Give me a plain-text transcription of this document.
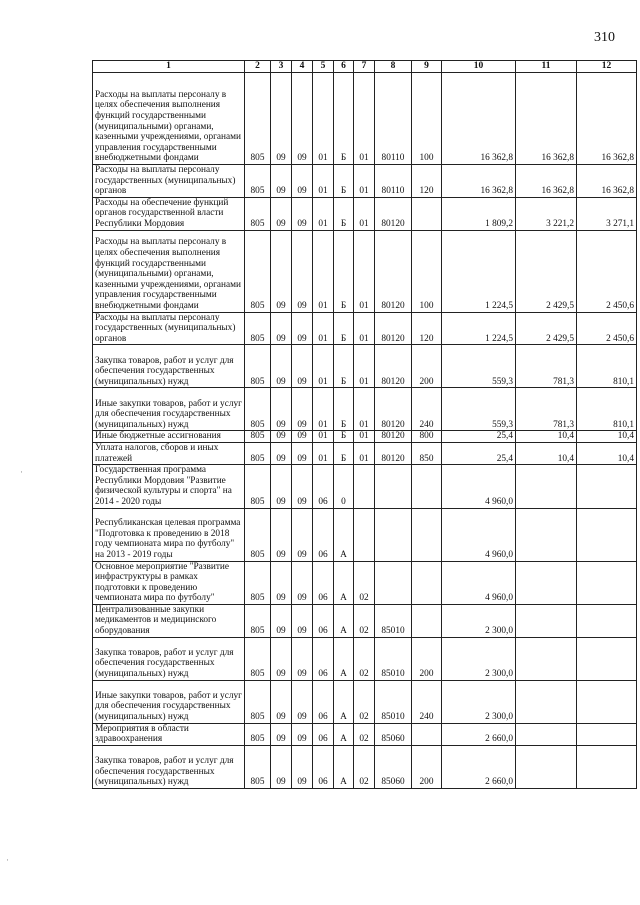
310
1	2	3	4	5	6	7	8	9	10	11	12
Расходы на выплаты персоналу в целях обеспечения выполнения функций государственными (муниципальными) органами, казенными учреждениями, органами управления государственными внебюджетными фондами	805	09	09	01	Б	01	80110	100	16 362,8	16 362,8	16 362,8
Расходы на выплаты персоналу государственных (муниципальных) органов	805	09	09	01	Б	01	80110	120	16 362,8	16 362,8	16 362,8
Расходы на обеспечение функций органов государственной власти Республики Мордовия	805	09	09	01	Б	01	80120		1 809,2	3 221,2	3 271,1
Расходы на выплаты персоналу в целях обеспечения выполнения функций государственными (муниципальными) органами, казенными учреждениями, органами управления государственными внебюджетными фондами	805	09	09	01	Б	01	80120	100	1 224,5	2 429,5	2 450,6
Расходы на выплаты персоналу государственных (муниципальных) органов	805	09	09	01	Б	01	80120	120	1 224,5	2 429,5	2 450,6
Закупка товаров, работ и услуг для обеспечения государственных (муниципальных) нужд	805	09	09	01	Б	01	80120	200	559,3	781,3	810,1
Иные закупки товаров, работ и услуг для обеспечения государственных (муниципальных) нужд	805	09	09	01	Б	01	80120	240	559,3	781,3	810,1
Иные бюджетные ассигнования	805	09	09	01	Б	01	80120	800	25,4	10,4	10,4
Уплата налогов, сборов и иных платежей	805	09	09	01	Б	01	80120	850	25,4	10,4	10,4
Государственная программа Республики Мордовия "Развитие физической культуры и спорта" на 2014 - 2020 годы	805	09	09	06	0				4 960,0		
Республиканская целевая программа "Подготовка к проведению в 2018 году чемпионата мира по футболу" на 2013 - 2019 годы	805	09	09	06	А				4 960,0		
Основное мероприятие "Развитие инфраструктуры в рамках подготовки к проведению чемпионата мира по футболу"	805	09	09	06	А	02			4 960,0		
Централизованные закупки медикаментов и медицинского оборудования	805	09	09	06	А	02	85010		2 300,0		
Закупка товаров, работ и услуг для обеспечения государственных (муниципальных) нужд	805	09	09	06	А	02	85010	200	2 300,0		
Иные закупки товаров, работ и услуг для обеспечения государственных (муниципальных) нужд	805	09	09	06	А	02	85010	240	2 300,0		
Мероприятия в области здравоохранения	805	09	09	06	А	02	85060		2 660,0		
Закупка товаров, работ и услуг для обеспечения государственных (муниципальных) нужд	805	09	09	06	А	02	85060	200	2 660,0		
·
·
